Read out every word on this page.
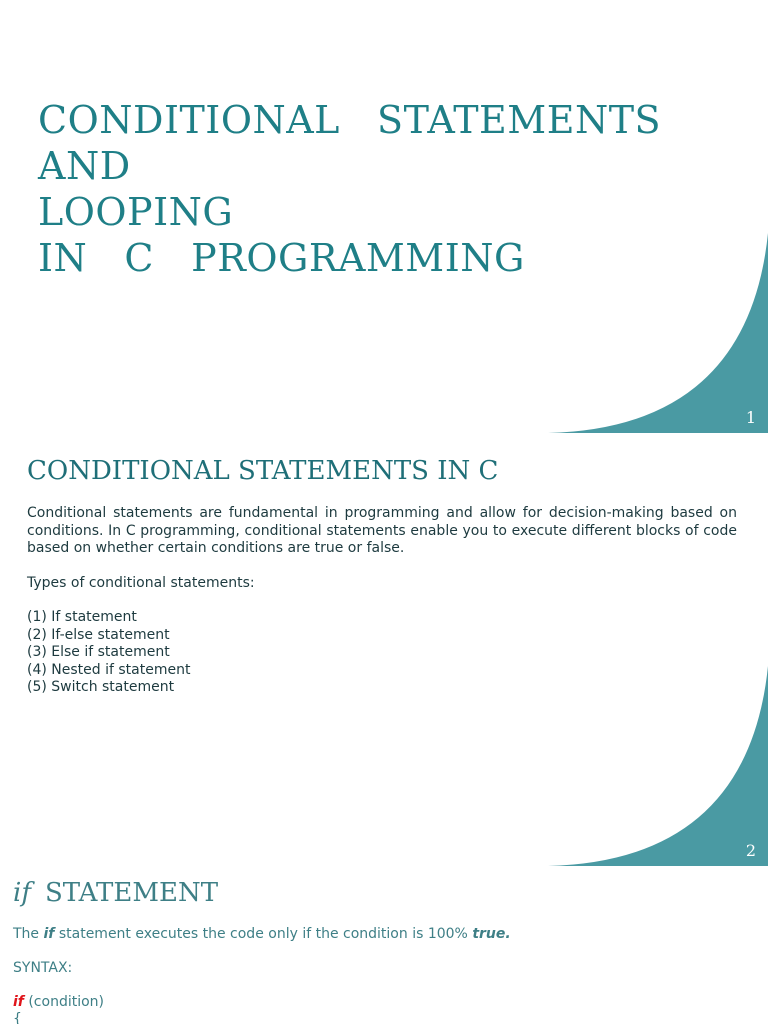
CONDITIONAL  STATEMENTS
AND
LOOPING
IN  C  PROGRAMMING
1
CONDITIONAL STATEMENTS IN C

Conditional statements are fundamental in programming and allow for decision-making based on conditions. In C programming, conditional statements enable you to execute different blocks of code based on whether certain conditions are true or false.

Types of conditional statements:

(1) If statement
(2) If-else statement
(3) Else if statement
(4) Nested if statement
(5) Switch statement
2
if STATEMENT

The if statement executes the code only if the condition is 100% true.

SYNTAX:

if (condition)

{
